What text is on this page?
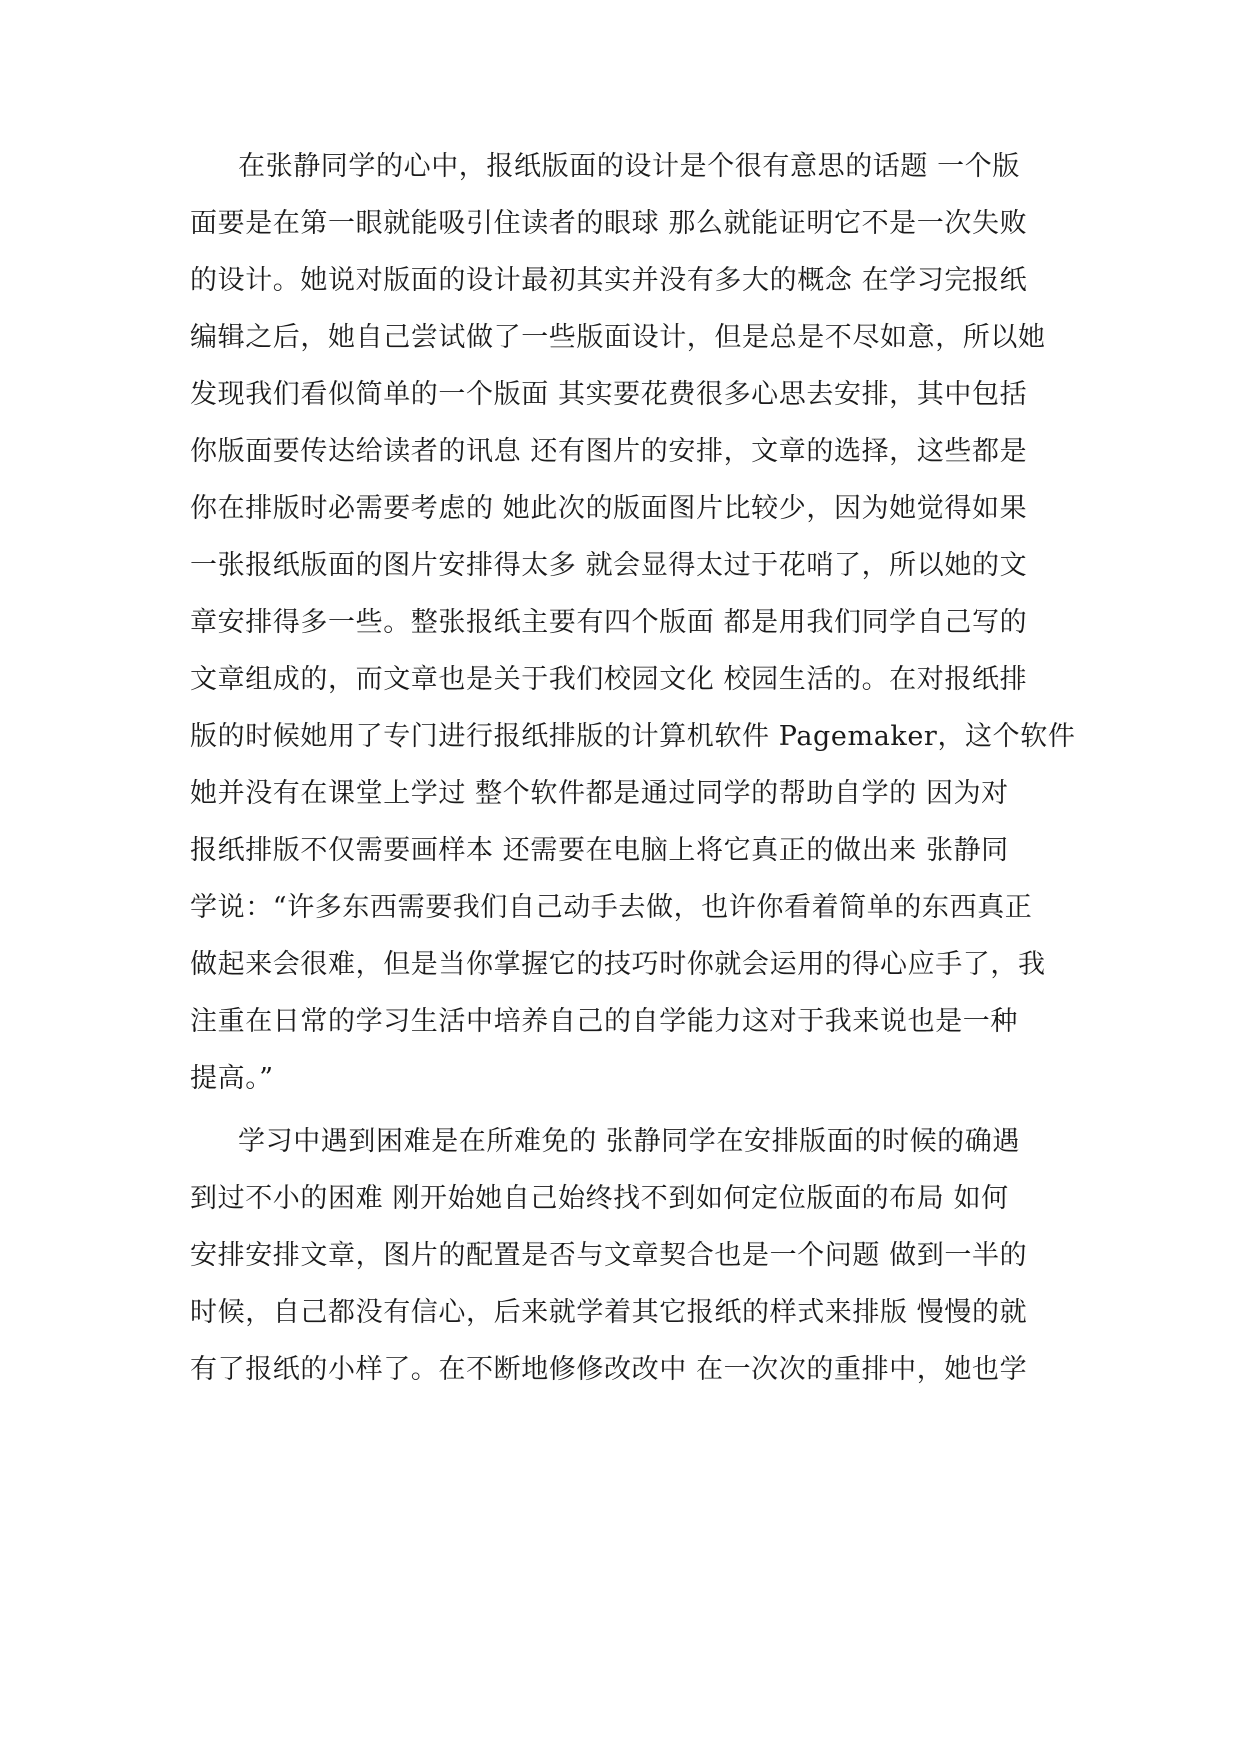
在张静同学的心中，报纸版面的设计是个很有意思的话题 一个版
面要是在第一眼就能吸引住读者的眼球 那么就能证明它不是一次失败
的设计。她说对版面的设计最初其实并没有多大的概念 在学习完报纸
编辑之后，她自己尝试做了一些版面设计，但是总是不尽如意，所以她
发现我们看似简单的一个版面 其实要花费很多心思去安排，其中包括
你版面要传达给读者的讯息 还有图片的安排，文章的选择，这些都是
你在排版时必需要考虑的 她此次的版面图片比较少，因为她觉得如果
一张报纸版面的图片安排得太多 就会显得太过于花哨了，所以她的文
章安排得多一些。整张报纸主要有四个版面 都是用我们同学自己写的
文章组成的，而文章也是关于我们校园文化 校园生活的。在对报纸排
版的时候她用了专门进行报纸排版的计算机软件 Pagemaker，这个软件
她并没有在课堂上学过 整个软件都是通过同学的帮助自学的 因为对
报纸排版不仅需要画样本 还需要在电脑上将它真正的做出来 张静同
学说：“许多东西需要我们自己动手去做，也许你看着简单的东西真正
做起来会很难，但是当你掌握它的技巧时你就会运用的得心应手了，我
注重在日常的学习生活中培养自己的自学能力这对于我来说也是一种
提高。”
学习中遇到困难是在所难免的 张静同学在安排版面的时候的确遇
到过不小的困难 刚开始她自己始终找不到如何定位版面的布局 如何
安排安排文章，图片的配置是否与文章契合也是一个问题 做到一半的
时候，自己都没有信心，后来就学着其它报纸的样式来排版 慢慢的就
有了报纸的小样了。在不断地修修改改中 在一次次的重排中，她也学
